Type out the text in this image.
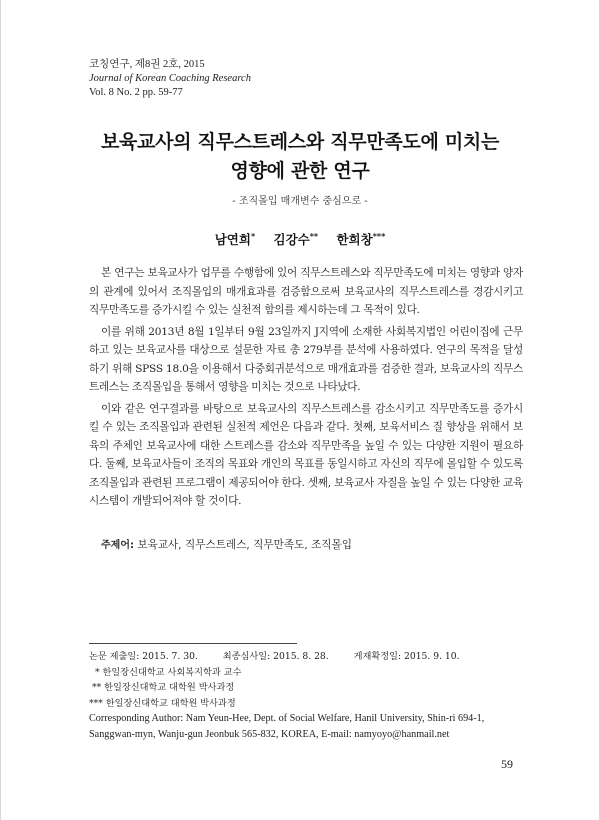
코칭연구, 제8권 2호, 2015
Journal of Korean Coaching Research
Vol. 8 No. 2 pp. 59-77
보육교사의 직무스트레스와 직무만족도에 미치는
영향에 관한 연구
- 조직몰입 매개변수 중심으로 -
남연희* 김강수** 한희창***

본 연구는 보육교사가 업무를 수행함에 있어 직무스트레스와 직무만족도에 미치는 영향과 양자의 관계에 있어서 조직몰입의 매개효과를 검증함으로써 보육교사의 직무스트레스를 경감시키고 직무만족도를 증가시킬 수 있는 실천적 함의를 제시하는데 그 목적이 있다.

이를 위해 2013년 8월 1일부터 9월 23일까지 J지역에 소재한 사회복지법인 어린이집에 근무하고 있는 보육교사를 대상으로 설문한 자료 총 279부를 분석에 사용하였다. 연구의 목적을 달성하기 위해 SPSS 18.0을 이용해서 다중회귀분석으로 매개효과를 검증한 결과, 보육교사의 직무스트레스는 조직몰입을 통해서 영향을 미치는 것으로 나타났다.

이와 같은 연구결과를 바탕으로 보육교사의 직무스트레스를 감소시키고 직무만족도를 증가시킬 수 있는 조직몰입과 관련된 실천적 제언은 다음과 같다. 첫째, 보육서비스 질 향상을 위해서 보육의 주체인 보육교사에 대한 스트레스를 감소와 직무만족을 높일 수 있는 다양한 지원이 필요하다. 둘째, 보육교사들이 조직의 목표와 개인의 목표를 동일시하고 자신의 직무에 몰입할 수 있도록 조직몰입과 관련된 프로그램이 제공되어야 한다. 셋째, 보육교사 자질을 높일 수 있는 다양한 교육시스템이 개발되어져야 할 것이다.

주제어: 보육교사, 직무스트레스, 직무만족도, 조직몰입
논문 제출일: 2015. 7. 30.	최종심사일: 2015. 8. 28.	게재확정일: 2015. 9. 10.
* 한일장신대학교 사회복지학과 교수
** 한일장신대학교 대학원 박사과정
*** 한일장신대학교 대학원 박사과정
Corresponding Author: Nam Yeun-Hee, Dept. of Social Welfare, Hanil University, Shin-ri 694-1, Sanggwan-myn, Wanju-gun Jeonbuk 565-832, KOREA, E-mail: namyoyo@hanmail.net
59
